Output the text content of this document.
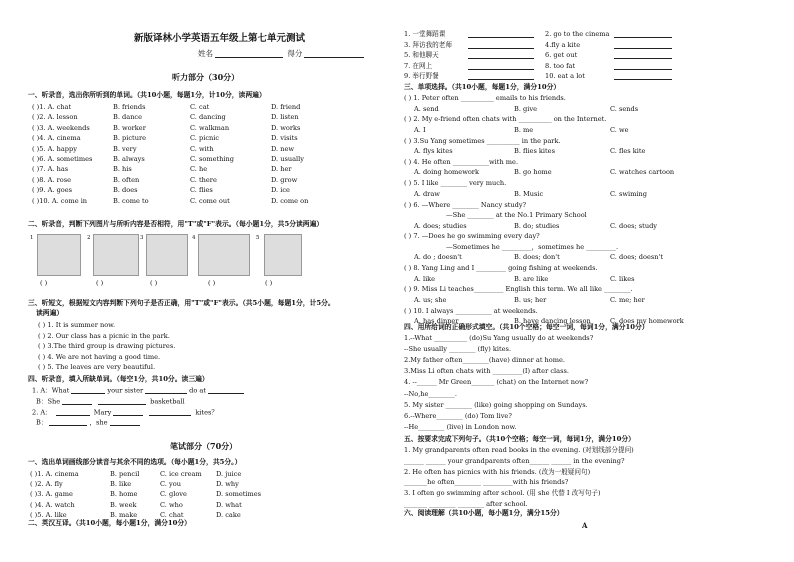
新版译林小学英语五年级上第七单元测试
姓名	得分
听力部分（30分）
一、听录音，选出你所听到的单词。（共10小题，每题1分，计10分，读两遍）
( )1. A. chat	B. friends	C. cat	D. friend
( )2. A. lesson	B. dance	C. dancing	D. listen
( )3. A. weekends	B. worker	C. walkman	D. works
( )4. A. cinema	B. picture	C. picnic	D. visits
( )5. A. happy	B. very	C. with	D. new
( )6. A. sometimes	B. always	C. something	D. usually
( )7. A. has	B. his	C. he	D. her
( )8. A. rose	B. often	C. there	D. grow
( )9. A. goes	B. does	C. flies	D. ice
( )10. A. come in	B. come to	C. come out	D. come on
二、听录音，判断下列图片与所听内容是否相符，用"T"或"F"表示。（每小题1分，共5分读两遍）
1	2	3	4	5
( )	( )	( )	( )	( )
三、听短文，根据短文内容判断下列句子是否正确，用"T"或"F"表示。（共5小题，每题1分，计5分。
读两遍）
( ) 1. It is summer now.
( ) 2. Our class has a picnic in the park.
( ) 3.The third group is drawing pictures.
( ) 4. We are not having a good time.
( ) 5. The leaves are very beautiful.
四、听录音，填入所缺单词。（每空1分，共10分。读三遍）
1. A：What	your sister	do at
B：She	basketball
2. A：	Mary	kites？
B：	，she
笔试部分（70分）
一、选出单词画线部分读音与其余不同的选项。（每小题1分，共5分。）
( )1. A. cinema	B. pencil	C. ice cream D. juice
( )2. A. fly	B. like	C. you	D. why
( )3. A. game	B. home	C. glove	D. sometimes
( )4. A. watch	B. week	C. who	D. what
( )5. A. like	B. make	C. chat	D. cake
二、英汉互译。（共10小题，每小题1分，满分10分）
1. 一堂舞蹈课	2. go to the cinema
3. 拜访我的老师	4.fly a kite
5. 和他聊天	6. get out
7. 在网上	8. too fat
9. 举行野餐	10. eat a lot
三、单项选择。（共10小题，每题1分，满分10分）
( ) 1. Peter often __________ emails to his friends.
A. send	B. give	C. sends
( ) 2. My e-friend often chats with __________ on the Internet.
A. I	B. me	C. we
( ) 3.Su Yang sometimes __________ in the park.
A. flys kites	B. flies kites	C. fles kite
( ) 4. He often ___________with me.
A. doing homework	B. go home	C. watches cartoon
( ) 5. I like ________ very much.
A. draw	B. Music	C. swiming
( ) 6. —Where ________ Nancy study?
—She ________ at the No.1 Primary School
A. does; studies	B. do; studies	C. does; study
( ) 7. —Does he go swimming every day?
—Sometimes he _________，sometimes he _________.
A. do ; doesn't	B. does; don't	C. does; doesn't
( ) 8. Yang Ling and I _________ going fishing at weekends.
A. like	B. are like	C. likes
( ) 9. Miss Li teaches_________ English this term. We all like ________.
A. us; she	B. us; her	C. me; her
( ) 10. I always ___________ at weekends.
A. has dinner	B. have dancing lesson	C. does my homework
四、用所给词的正确形式填空。（共10个空格；每空一词，每词1分，满分10分）
1.--What __________ (do)Su Yang usually do at weekends?
--She usually ________ (fly) kites.
2.My father often________(have) dinner at home.
3.Miss Li often chats with _________(I) after class.
4. --______ Mr Green_______ (chat) on the Internet now?
--No,he________.
5. My sister ________ (like) going shopping on Sundays.
6.--Where________ (do) Tom live?
--He________ (live) in London now.
五、按要求完成下列句子。（共10个空格；每空一词，每词1分，满分10分）
1. My grandparents often read books in the evening. (对划线部分提问)
______ ______ your grandparents often______ ______ in the evening?
2. He often has picnics with his friends. (改为一般疑问句)
_______he often________ _________with his friends?
3. I often go swimming after school. (用 she 代替 I 改写句子)
_______ ________ ________ after school.
六、阅读理解（共10小题，每小题1分，满分15分）
A
